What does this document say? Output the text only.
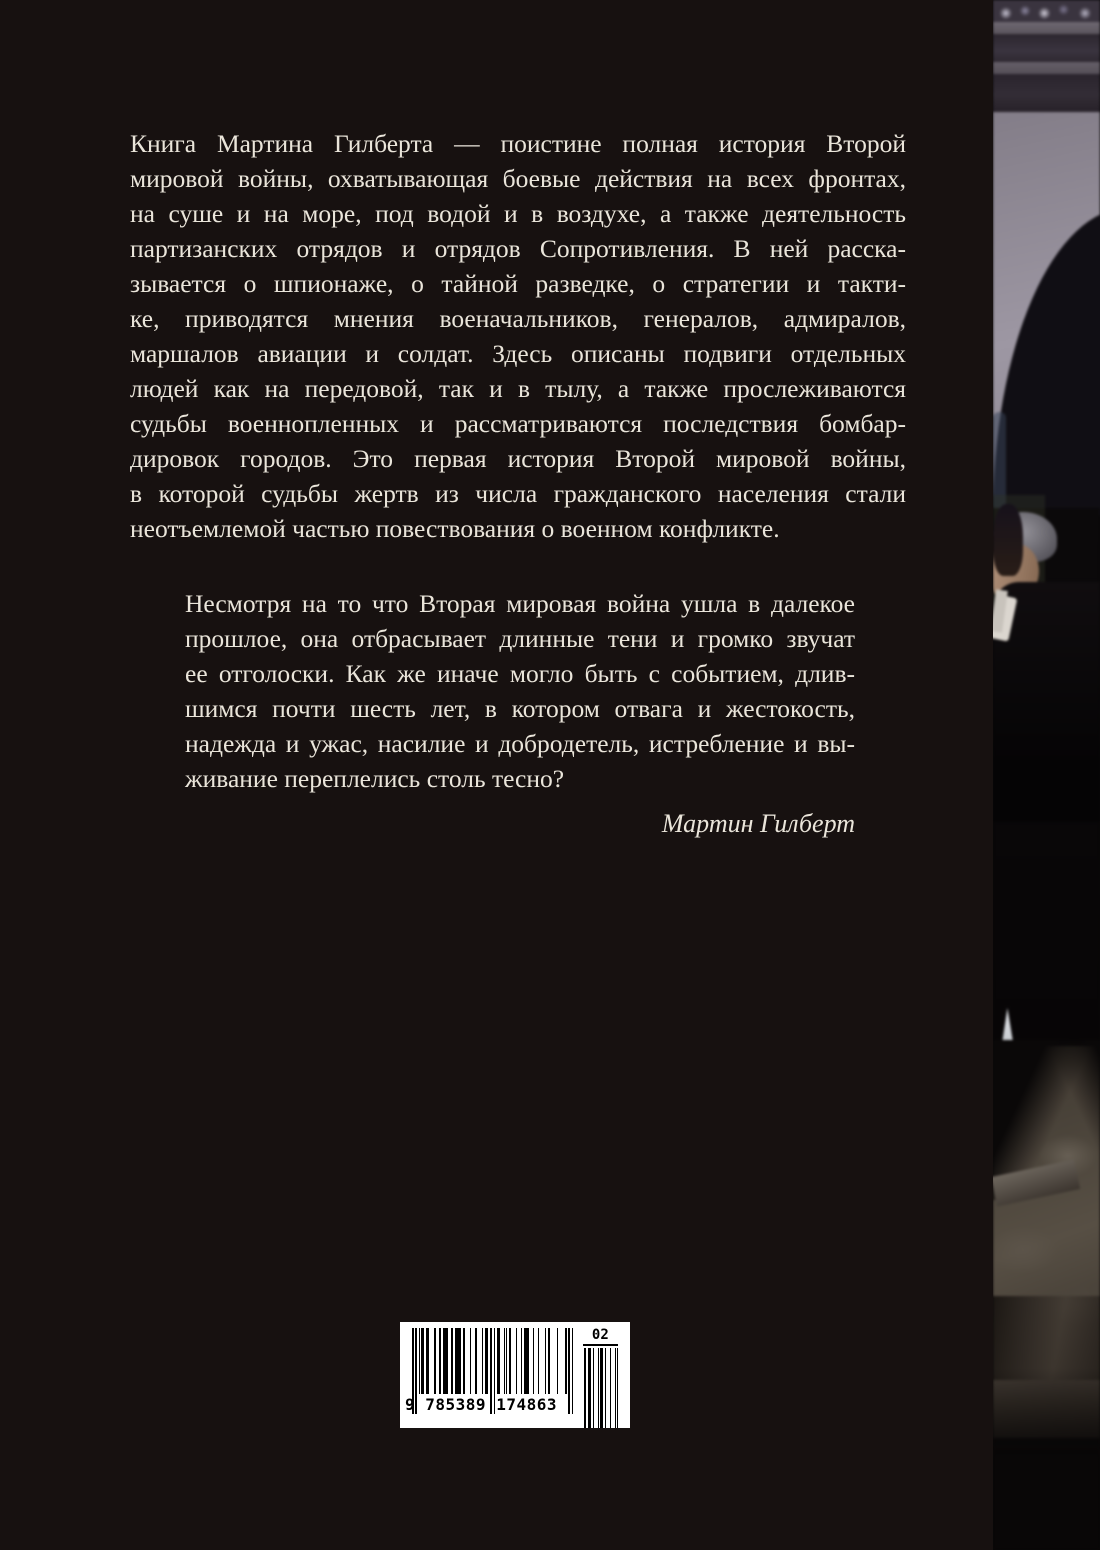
Книга Мартина Гилберта — поистине полная история Второй
мировой войны, охватывающая боевые действия на всех фронтах,
на суше и на море, под водой и в воздухе, а также деятельность
партизанских отрядов и отрядов Сопротивления. В ней расска-
зывается о шпионаже, о тайной разведке, о стратегии и такти-
ке, приводятся мнения военачальников, генералов, адмиралов,
маршалов авиации и солдат. Здесь описаны подвиги отдельных
людей как на передовой, так и в тылу, а также прослеживаются
судьбы военнопленных и рассматриваются последствия бомбар-
дировок городов. Это первая история Второй мировой войны,
в которой судьбы жертв из числа гражданского населения стали
неотъемлемой частью повествования о военном конфликте.
Несмотря на то что Вторая мировая война ушла в далекое
прошлое, она отбрасывает длинные тени и громко звучат
ее отголоски. Как же иначе могло быть с событием, длив-
шимся почти шесть лет, в котором отвага и жестокость,
надежда и ужас, насилие и добродетель, истребление и вы-
живание переплелись столь тесно?
Мартин Гилберт
9 785389 174863
02
